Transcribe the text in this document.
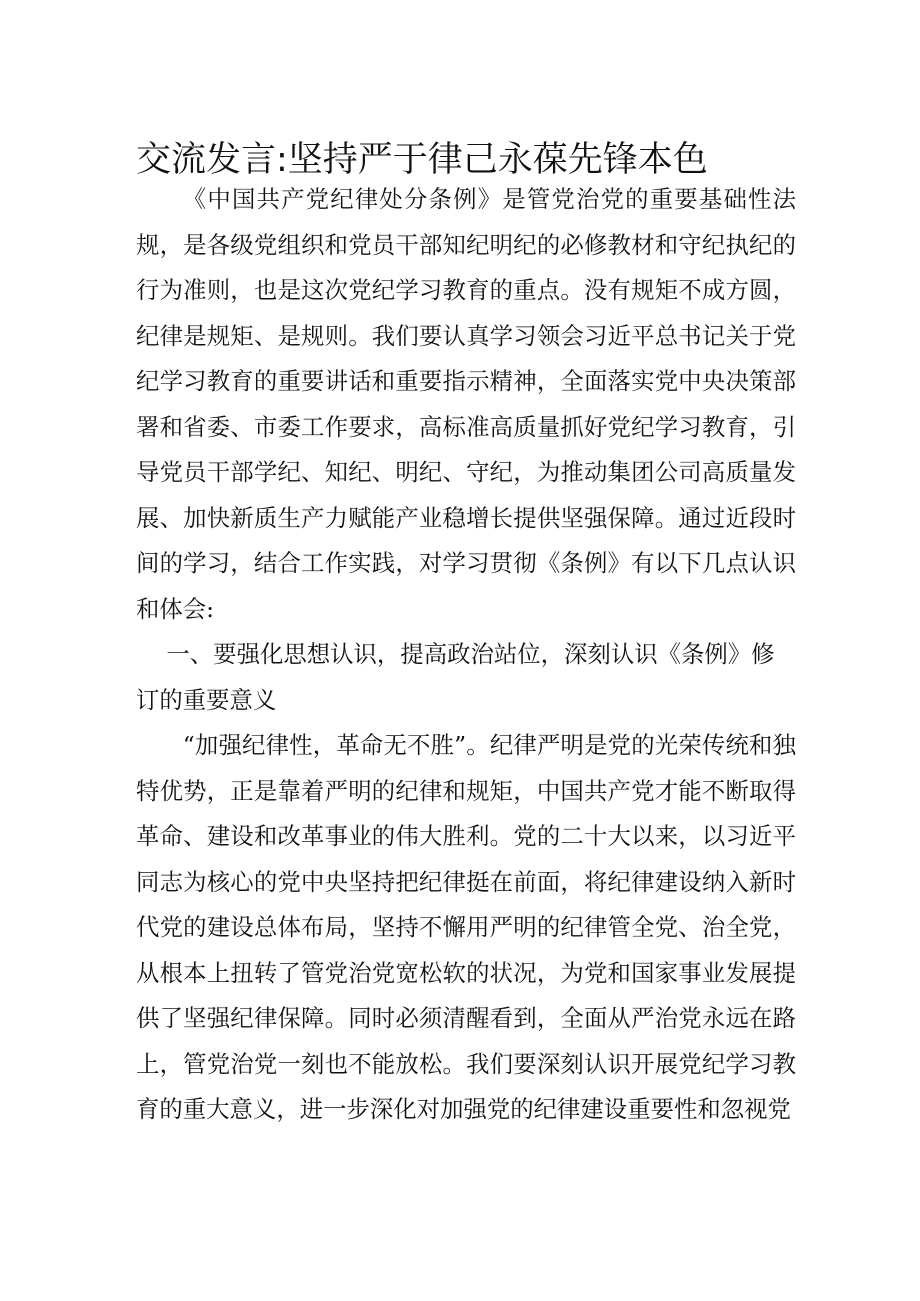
交流发言:坚持严于律己永葆先锋本色

《中国共产党纪律处分条例》是管党治党的重要基础性法规，是各级党组织和党员干部知纪明纪的必修教材和守纪执纪的行为准则，也是这次党纪学习教育的重点。没有规矩不成方圆，纪律是规矩、是规则。我们要认真学习领会习近平总书记关于党纪学习教育的重要讲话和重要指示精神，全面落实党中央决策部署和省委、市委工作要求，高标准高质量抓好党纪学习教育，引导党员干部学纪、知纪、明纪、守纪，为推动集团公司高质量发展、加快新质生产力赋能产业稳增长提供坚强保障。通过近段时间的学习，结合工作实践，对学习贯彻《条例》有以下几点认识和体会:

一、要强化思想认识，提高政治站位，深刻认识《条例》修订的重要意义

“加强纪律性，革命无不胜”。纪律严明是党的光荣传统和独特优势，正是靠着严明的纪律和规矩，中国共产党才能不断取得革命、建设和改革事业的伟大胜利。党的二十大以来，以习近平同志为核心的党中央坚持把纪律挺在前面，将纪律建设纳入新时代党的建设总体布局，坚持不懈用严明的纪律管全党、治全党，从根本上扭转了管党治党宽松软的状况，为党和国家事业发展提供了坚强纪律保障。同时必须清醒看到，全面从严治党永远在路上，管党治党一刻也不能放松。我们要深刻认识开展党纪学习教育的重大意义，进一步深化对加强党的纪律建设重要性和忽视党
